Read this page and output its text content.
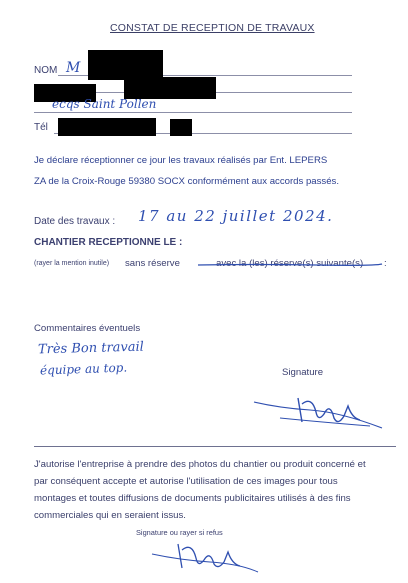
CONSTAT DE RECEPTION DE TRAVAUX
NOM M
ecqs Saint Pollen
Tél
Je déclare réceptionner ce jour les travaux réalisés par Ent. LEPERS
ZA de la Croix-Rouge 59380 SOCX conformément aux accords passés.
Date des travaux : 17 au 22 juillet 2024.
CHANTIER RECEPTIONNE LE :
(rayer la mention inutile) sans réserve	avec la (les) réserve(s) suivante(s) :
Commentaires éventuels
Très Bon travail
équipe au top.	Signature
J'autorise l'entreprise à prendre des photos du chantier ou produit concerné et par conséquent accepte et autorise l'utilisation de ces images pour tous montages et toutes diffusions de documents publicitaires utilisés à des fins commerciales qui en seraient issus.
Signature ou rayer si refus
